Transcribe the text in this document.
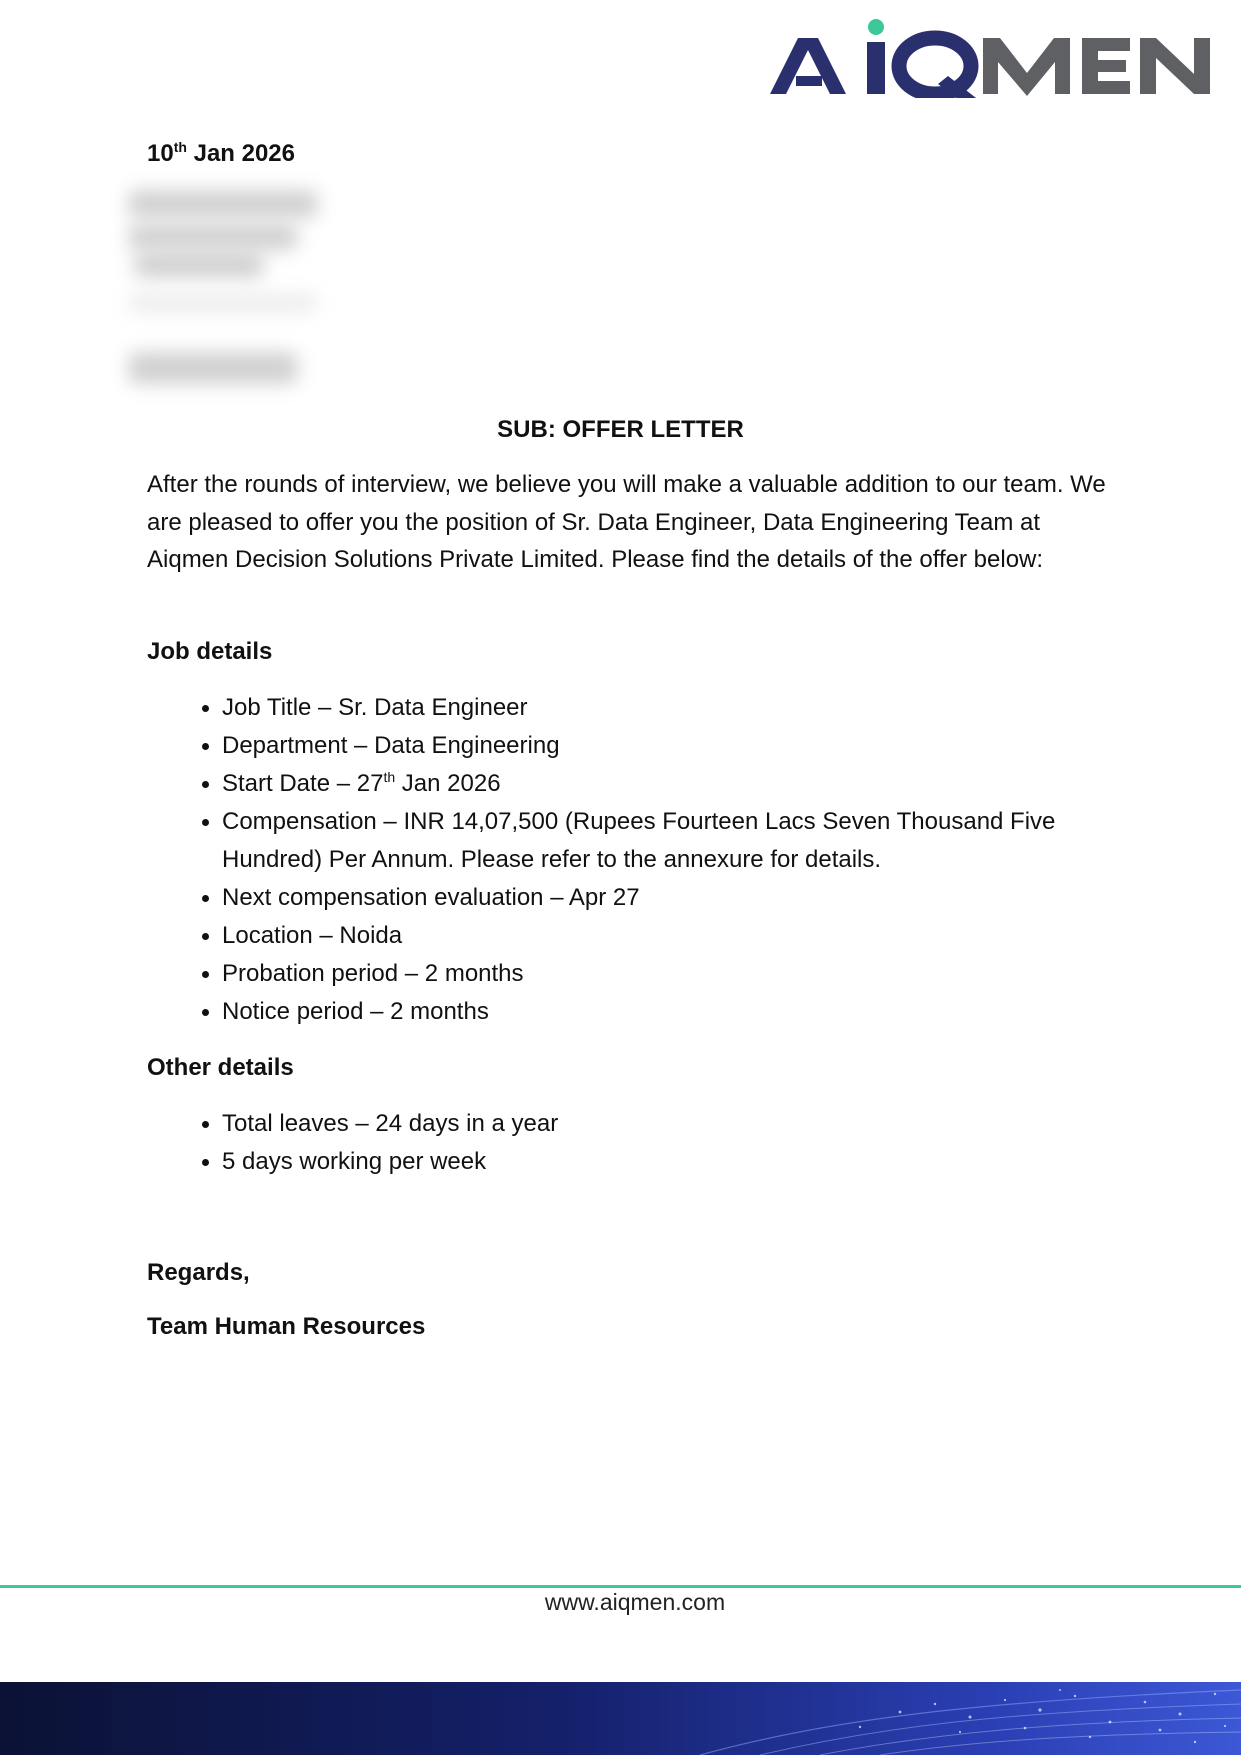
10th Jan 2026
SUB: OFFER LETTER

After the rounds of interview, we believe you will make a valuable addition to our team. We are pleased to offer you the position of Sr. Data Engineer, Data Engineering Team at Aiqmen Decision Solutions Private Limited. Please find the details of the offer below:

Job details
• Job Title – Sr. Data Engineer
• Department – Data Engineering
• Start Date – 27th Jan 2026
• Compensation – INR 14,07,500 (Rupees Fourteen Lacs Seven Thousand Five Hundred) Per Annum. Please refer to the annexure for details.
• Next compensation evaluation – Apr 27
• Location – Noida
• Probation period – 2 months
• Notice period – 2 months
Other details
• Total leaves – 24 days in a year
• 5 days working per week
Regards,
Team Human Resources
www.aiqmen.com
